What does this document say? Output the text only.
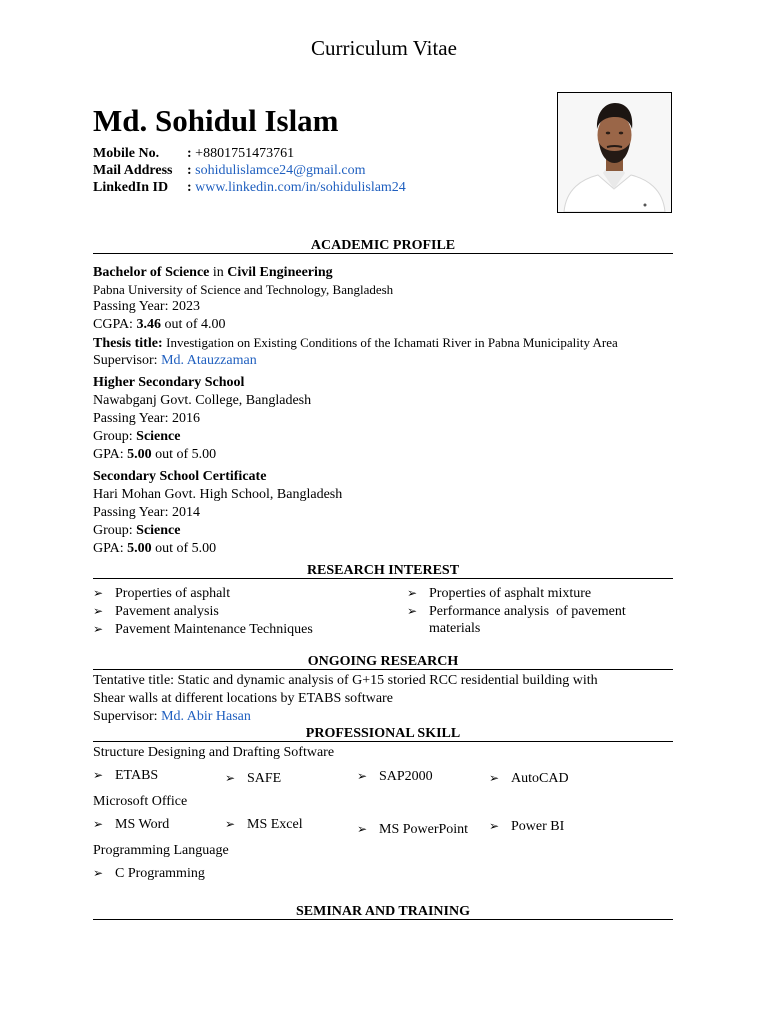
Curriculum Vitae
Md. Sohidul Islam
Mobile No. : +8801751473761
Mail Address : sohidulislamce24@gmail.com
LinkedIn ID : www.linkedin.com/in/sohidulislam24
ACADEMIC PROFILE
Bachelor of Science in Civil Engineering
Pabna University of Science and Technology, Bangladesh
Passing Year: 2023
CGPA: 3.46 out of 4.00
Thesis title: Investigation on Existing Conditions of the Ichamati River in Pabna Municipality Area
Supervisor: Md. Atauzzaman
Higher Secondary School
Nawabganj Govt. College, Bangladesh
Passing Year: 2016
Group: Science
GPA: 5.00 out of 5.00
Secondary School Certificate
Hari Mohan Govt. High School, Bangladesh
Passing Year: 2014
Group: Science
GPA: 5.00 out of 5.00
RESEARCH INTEREST
➢ Properties of asphalt
➢ Pavement analysis
➢ Pavement Maintenance Techniques
➢ Properties of asphalt mixture
➢ Performance analysis  of pavement
materials
ONGOING RESEARCH
Tentative title: Static and dynamic analysis of G+15 storied RCC residential building with
Shear walls at different locations by ETABS software
Supervisor: Md. Abir Hasan
PROFESSIONAL SKILL
Structure Designing and Drafting Software
➢ ETABS	➢ SAFE	➢ SAP2000	➢ AutoCAD
Microsoft Office
➢ MS Word	➢ MS Excel	➢ MS PowerPoint ➢ Power BI
Programming Language
➢ C Programming
SEMINAR AND TRAINING
